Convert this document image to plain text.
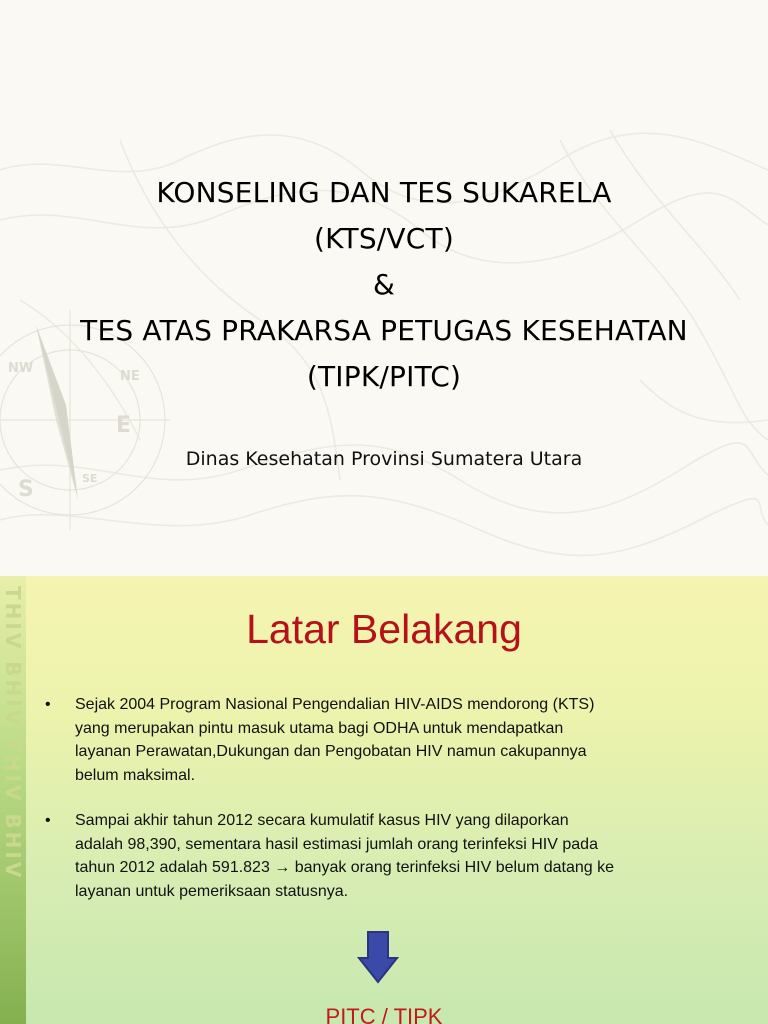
NW
NE
E
S	SE
KONSELING DAN TES SUKARELA
(KTS/VCT)
&
TES ATAS PRAKARSA PETUGAS KESEHATAN
(TIPK/PITC)
Dinas Kesehatan Provinsi Sumatera Utara
THIV BHIV THIV BHIV	Latar Belakang
• Sejak 2004 Program Nasional Pengendalian HIV-AIDS mendorong (KTS)
yang merupakan pintu masuk utama bagi ODHA untuk mendapatkan
layanan Perawatan,Dukungan dan Pengobatan HIV namun cakupannya
belum maksimal.
• Sampai akhir tahun 2012 secara kumulatif kasus HIV yang dilaporkan
adalah 98,390, sementara hasil estimasi jumlah orang terinfeksi HIV pada
tahun 2012 adalah 591.823 → banyak orang terinfeksi HIV belum datang ke
layanan untuk pemeriksaan statusnya.
PITC / TIPK
